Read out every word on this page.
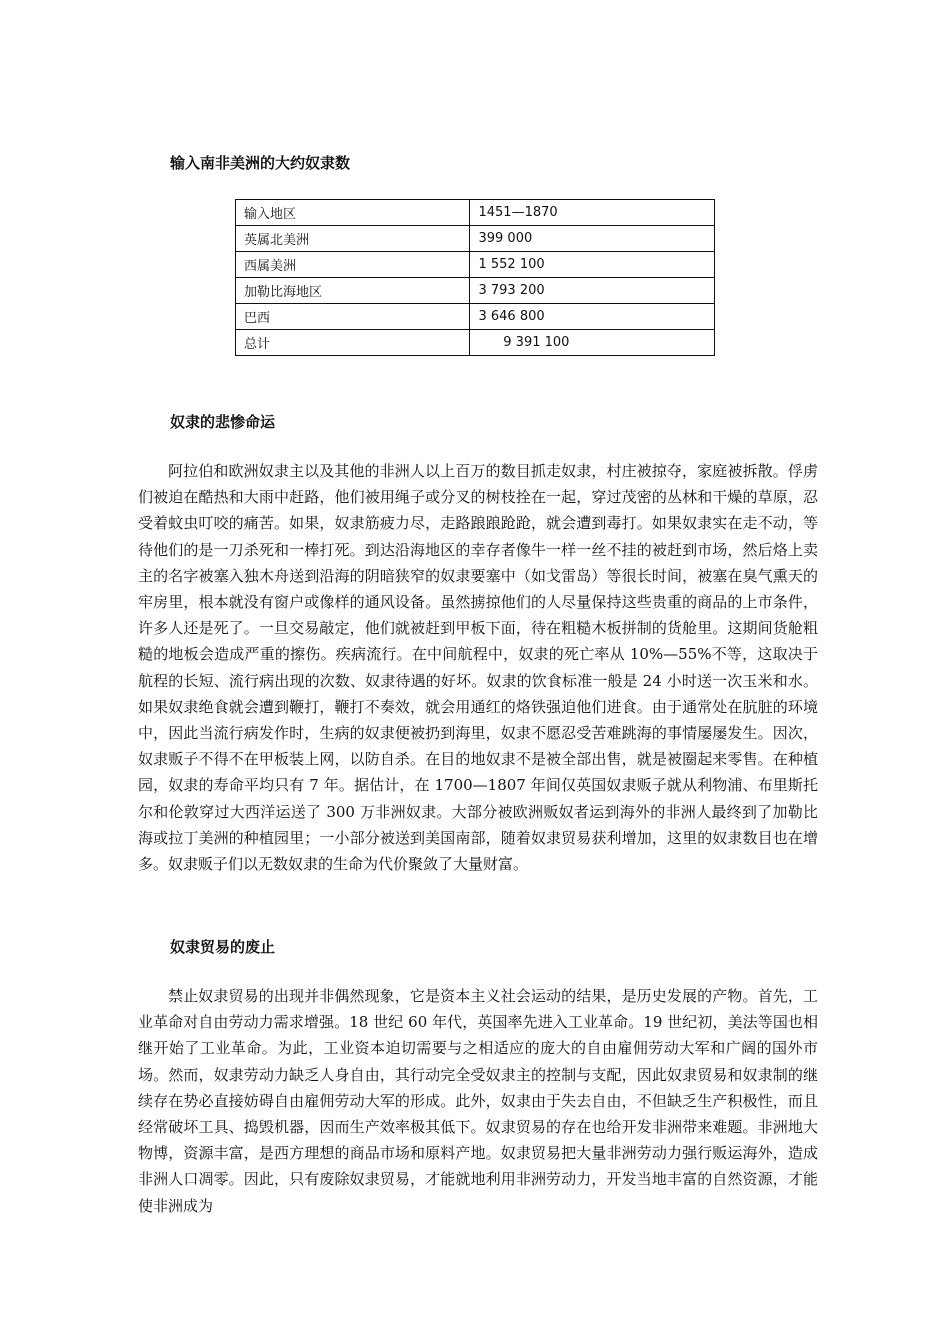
输入南非美洲的大约奴隶数
输入地区	1451—1870
英属北美洲	399 000
西属美洲	1 552 100
加勒比海地区	3 793 200
巴西	3 646 800
总计	9 391 100
奴隶的悲惨命运

阿拉伯和欧洲奴隶主以及其他的非洲人以上百万的数目抓走奴隶，村庄被掠夺，家庭被拆散。俘虏们被迫在酷热和大雨中赶路，他们被用绳子或分叉的树枝拴在一起，穿过茂密的丛林和干燥的草原，忍受着蚊虫叮咬的痛苦。如果，奴隶筋疲力尽，走路踉踉跄跄，就会遭到毒打。如果奴隶实在走不动，等待他们的是一刀杀死和一棒打死。到达沿海地区的幸存者像牛一样一丝不挂的被赶到市场，然后烙上卖主的名字被塞入独木舟送到沿海的阴暗狭窄的奴隶要塞中（如戈雷岛）等很长时间，被塞在臭气熏天的牢房里，根本就没有窗户或像样的通风设备。虽然掳掠他们的人尽量保持这些贵重的商品的上市条件，许多人还是死了。一旦交易敲定，他们就被赶到甲板下面，待在粗糙木板拼制的货舱里。这期间货舱粗糙的地板会造成严重的擦伤。疾病流行。在中间航程中，奴隶的死亡率从 10%—55%不等，这取决于航程的长短、流行病出现的次数、奴隶待遇的好坏。奴隶的饮食标准一般是 24 小时送一次玉米和水。如果奴隶绝食就会遭到鞭打，鞭打不奏效，就会用通红的烙铁强迫他们进食。由于通常处在肮脏的环境中，因此当流行病发作时，生病的奴隶便被扔到海里，奴隶不愿忍受苦难跳海的事情屡屡发生。因次，奴隶贩子不得不在甲板装上网，以防自杀。在目的地奴隶不是被全部出售，就是被圈起来零售。在种植园，奴隶的寿命平均只有 7 年。据估计，在 1700—1807 年间仅英国奴隶贩子就从利物浦、布里斯托尔和伦敦穿过大西洋运送了 300 万非洲奴隶。大部分被欧洲贩奴者运到海外的非洲人最终到了加勒比海或拉丁美洲的种植园里；一小部分被送到美国南部，随着奴隶贸易获利增加，这里的奴隶数目也在增多。奴隶贩子们以无数奴隶的生命为代价聚敛了大量财富。

奴隶贸易的废止

禁止奴隶贸易的出现并非偶然现象，它是资本主义社会运动的结果，是历史发展的产物。首先，工业革命对自由劳动力需求增强。18 世纪 60 年代，英国率先进入工业革命。19 世纪初，美法等国也相继开始了工业革命。为此，工业资本迫切需要与之相适应的庞大的自由雇佣劳动大军和广阔的国外市场。然而，奴隶劳动力缺乏人身自由，其行动完全受奴隶主的控制与支配，因此奴隶贸易和奴隶制的继续存在势必直接妨碍自由雇佣劳动大军的形成。此外，奴隶由于失去自由，不但缺乏生产积极性，而且经常破坏工具、捣毁机器，因而生产效率极其低下。奴隶贸易的存在也给开发非洲带来难题。非洲地大物博，资源丰富，是西方理想的商品市场和原料产地。奴隶贸易把大量非洲劳动力强行贩运海外，造成非洲人口凋零。因此，只有废除奴隶贸易，才能就地利用非洲劳动力，开发当地丰富的自然资源，才能使非洲成为
